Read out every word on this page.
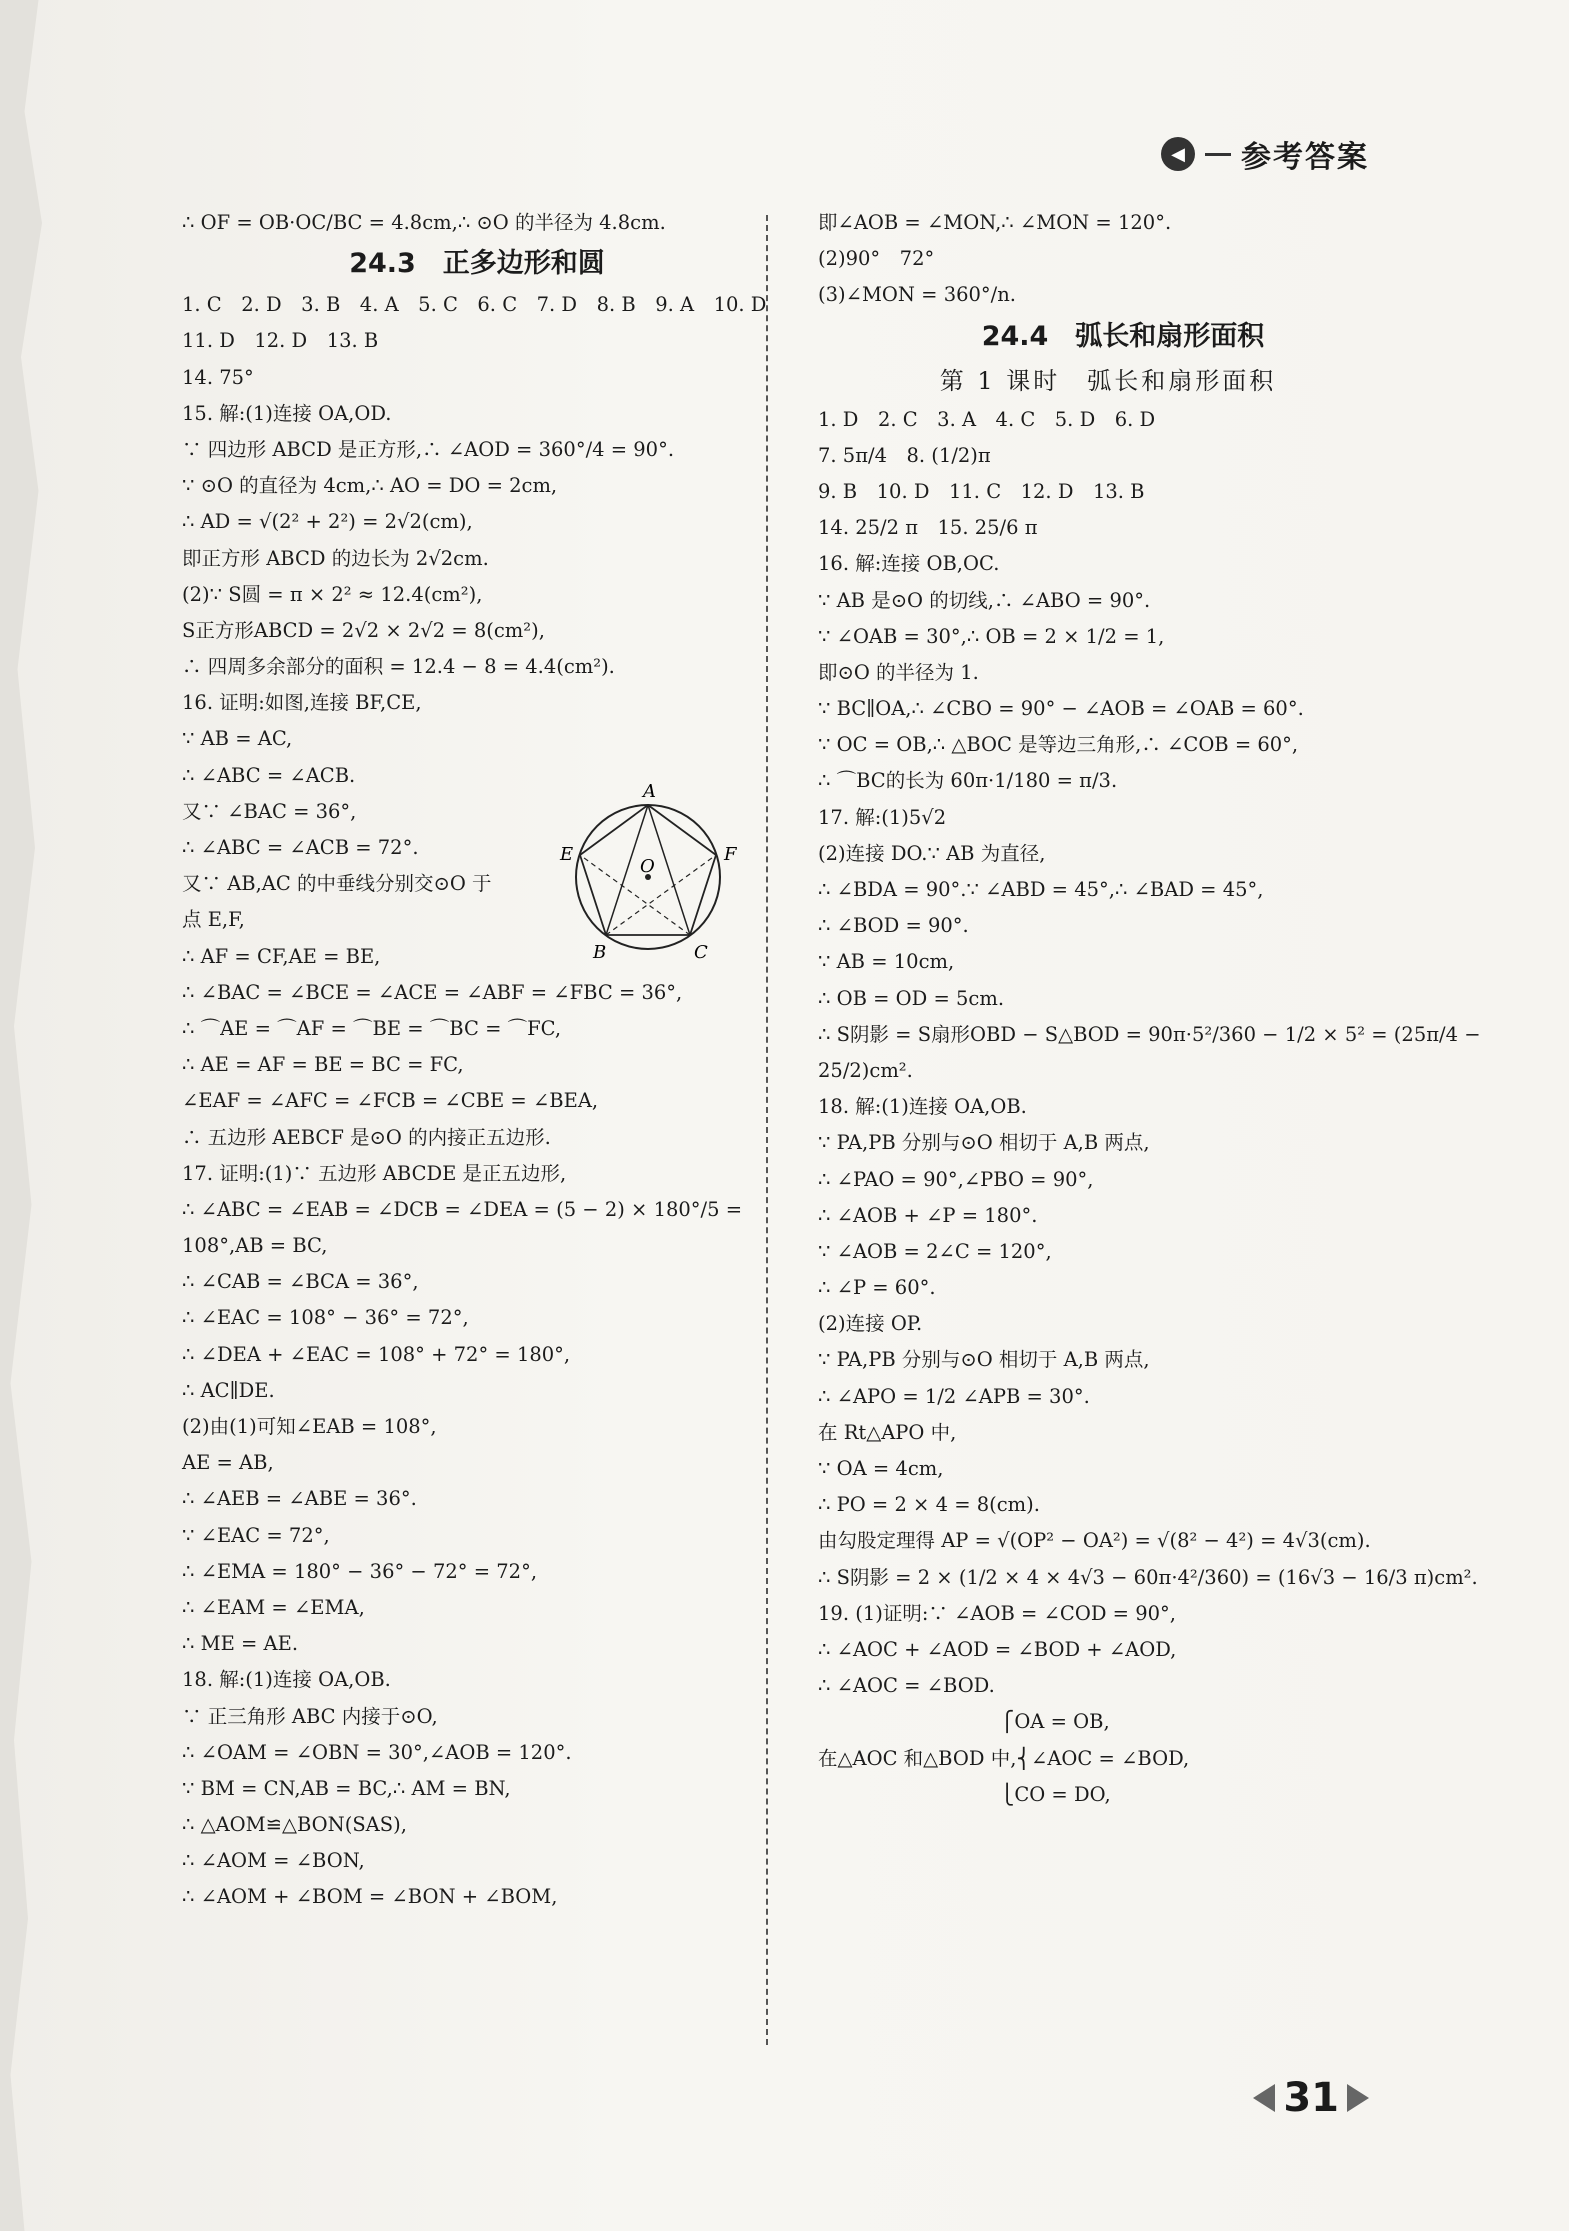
◀	参考答案
∴ OF = OB·OC/BC = 4.8cm,∴ ⊙O 的半径为 4.8cm.
24.3　正多边形和圆
1. C　2. D　3. B　4. A　5. C　6. C　7. D　8. B　9. A　10. D
11. D　12. D　13. B
14. 75°
15. 解:(1)连接 OA,OD.
∵ 四边形 ABCD 是正方形,∴ ∠AOD = 360°/4 = 90°.
∵ ⊙O 的直径为 4cm,∴ AO = DO = 2cm,
∴ AD = √(2² + 2²) = 2√2(cm),
即正方形 ABCD 的边长为 2√2cm.
(2)∵ S圆 = π × 2² ≈ 12.4(cm²),
S正方形ABCD = 2√2 × 2√2 = 8(cm²),
∴ 四周多余部分的面积 = 12.4 − 8 = 4.4(cm²).
16. 证明:如图,连接 BF,CE,
∵ AB = AC,
∴ ∠ABC = ∠ACB.
又∵ ∠BAC = 36°,
∴ ∠ABC = ∠ACB = 72°.
又∵ AB,AC 的中垂线分别交⊙O 于
点 E,F,
∴ AF = CF,AE = BE,
∴ ∠BAC = ∠BCE = ∠ACE = ∠ABF = ∠FBC = 36°,
∴ ⌒AE = ⌒AF = ⌒BE = ⌒BC = ⌒FC,
∴ AE = AF = BE = BC = FC,
∠EAF = ∠AFC = ∠FCB = ∠CBE = ∠BEA,
∴ 五边形 AEBCF 是⊙O 的内接正五边形.
17. 证明:(1)∵ 五边形 ABCDE 是正五边形,
∴ ∠ABC = ∠EAB = ∠DCB = ∠DEA = (5 − 2) × 180°/5 =
108°,AB = BC,
∴ ∠CAB = ∠BCA = 36°,
∴ ∠EAC = 108° − 36° = 72°,
∴ ∠DEA + ∠EAC = 108° + 72° = 180°,
∴ AC∥DE.
(2)由(1)可知∠EAB = 108°,
AE = AB,
∴ ∠AEB = ∠ABE = 36°.
∵ ∠EAC = 72°,
∴ ∠EMA = 180° − 36° − 72° = 72°,
∴ ∠EAM = ∠EMA,
∴ ME = AE.
18. 解:(1)连接 OA,OB.
∵ 正三角形 ABC 内接于⊙O,
∴ ∠OAM = ∠OBN = 30°,∠AOB = 120°.
∵ BM = CN,AB = BC,∴ AM = BN,
∴ △AOM≌△BON(SAS),
∴ ∠AOM = ∠BON,
∴ ∠AOM + ∠BOM = ∠BON + ∠BOM,
即∠AOB = ∠MON,∴ ∠MON = 120°.
(2)90°　72°
(3)∠MON = 360°/n.
24.4　弧长和扇形面积
第 1 课时　弧长和扇形面积
1. D　2. C　3. A　4. C　5. D　6. D
7. 5π/4　8. (1/2)π
9. B　10. D　11. C　12. D　13. B
14. 25/2 π　15. 25/6 π
16. 解:连接 OB,OC.
∵ AB 是⊙O 的切线,∴ ∠ABO = 90°.
∵ ∠OAB = 30°,∴ OB = 2 × 1/2 = 1,
即⊙O 的半径为 1.
∵ BC∥OA,∴ ∠CBO = 90° − ∠AOB = ∠OAB = 60°.
∵ OC = OB,∴ △BOC 是等边三角形,∴ ∠COB = 60°,
∴ ⌒BC的长为 60π·1/180 = π/3.
17. 解:(1)5√2
(2)连接 DO.∵ AB 为直径,
∴ ∠BDA = 90°.∵ ∠ABD = 45°,∴ ∠BAD = 45°,
∴ ∠BOD = 90°.
∵ AB = 10cm,
∴ OB = OD = 5cm.
∴ S阴影 = S扇形OBD − S△BOD = 90π·5²/360 − 1/2 × 5² = (25π/4 −
25/2)cm².
18. 解:(1)连接 OA,OB.
∵ PA,PB 分别与⊙O 相切于 A,B 两点,
∴ ∠PAO = 90°,∠PBO = 90°,
∴ ∠AOB + ∠P = 180°.
∵ ∠AOB = 2∠C = 120°,
∴ ∠P = 60°.
(2)连接 OP.
∵ PA,PB 分别与⊙O 相切于 A,B 两点,
∴ ∠APO = 1/2 ∠APB = 30°.
在 Rt△APO 中,
∵ OA = 4cm,
∴ PO = 2 × 4 = 8(cm).
由勾股定理得 AP = √(OP² − OA²) = √(8² − 4²) = 4√3(cm).
∴ S阴影 = 2 × (1/2 × 4 × 4√3 − 60π·4²/360) = (16√3 − 16/3 π)cm².
19. (1)证明:∵ ∠AOB = ∠COD = 90°,
∴ ∠AOC + ∠AOD = ∠BOD + ∠AOD,
∴ ∠AOC = ∠BOD.
　　　　　　　　　 ⎧OA = OB,
在△AOC 和△BOD 中,⎨∠AOC = ∠BOD,
　　　　　　　　　 ⎩CO = DO,
A
E	F
O
B	C
31
